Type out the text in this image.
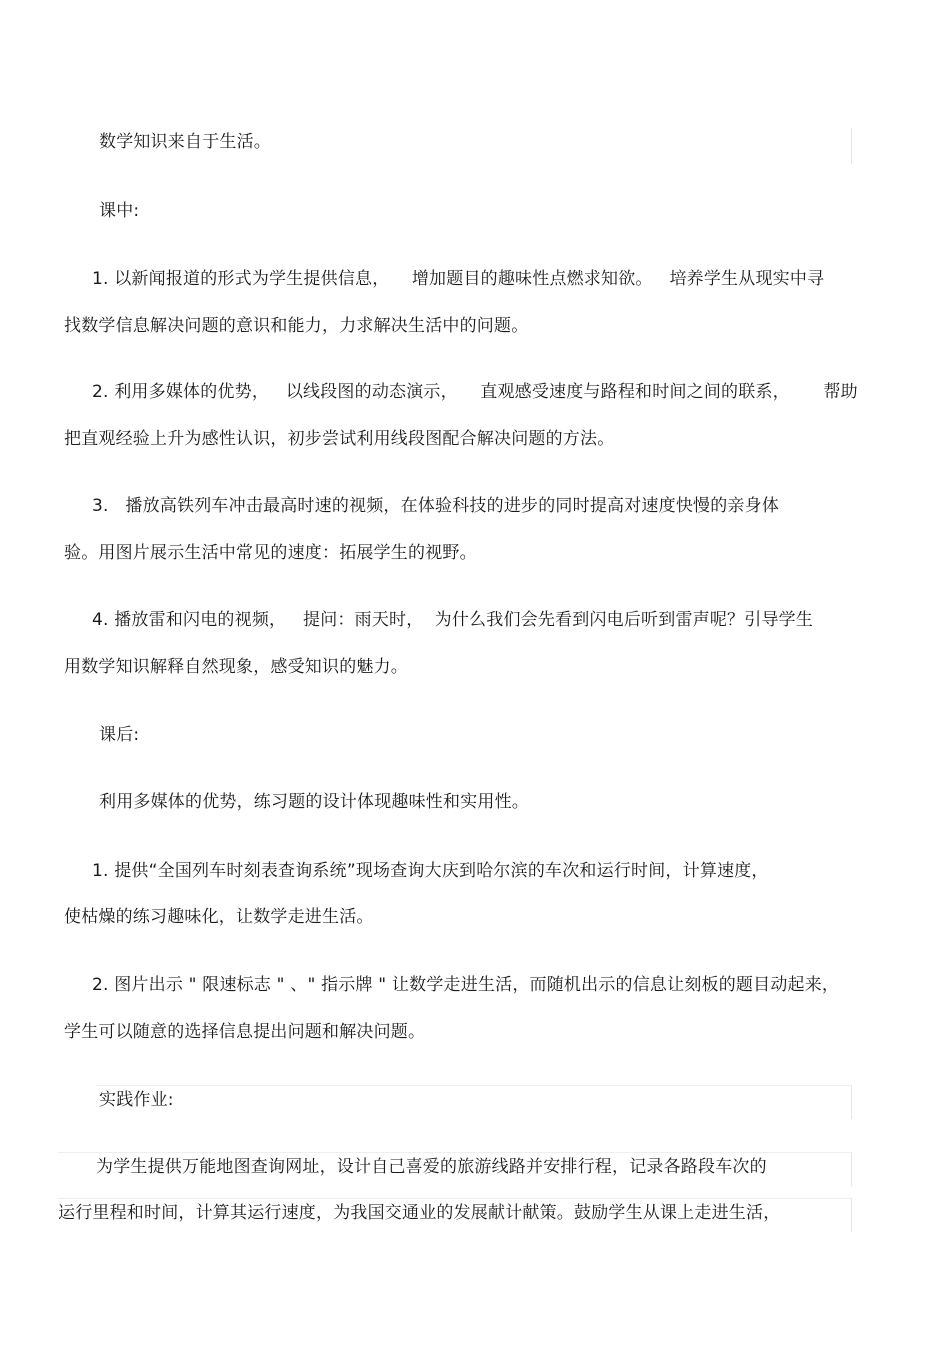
数学知识来自于生活。
课中:
1. 以新闻报道的形式为学生提供信息，    增加题目的趣味性点燃求知欲。   培养学生从现实中寻
找数学信息解决问题的意识和能力，力求解决生活中的问题。
2. 利用多媒体的优势，   以线段图的动态演示，    直观感受速度与路程和时间之间的联系，      帮助
把直观经验上升为感性认识，初步尝试利用线段图配合解决问题的方法。
3.   播放高铁列车冲击最高时速的视频，在体验科技的进步的同时提高对速度快慢的亲身体
验。用图片展示生活中常见的速度：拓展学生的视野。
4. 播放雷和闪电的视频，   提问：雨天时，  为什么我们会先看到闪电后听到雷声呢？引导学生
用数学知识解释自然现象，感受知识的魅力。
课后:
利用多媒体的优势，练习题的设计体现趣味性和实用性。
1. 提供“全国列车时刻表查询系统”现场查询大庆到哈尔滨的车次和运行时间，计算速度，
使枯燥的练习趣味化，让数学走进生活。
2. 图片出示 " 限速标志 " 、" 指示牌 " 让数学走进生活，而随机出示的信息让刻板的题目动起来，
学生可以随意的选择信息提出问题和解决问题。
实践作业:
为学生提供万能地图查询网址，设计自己喜爱的旅游线路并安排行程，记录各路段车次的
运行里程和时间，计算其运行速度，为我国交通业的发展献计献策。鼓励学生从课上走进生活，
